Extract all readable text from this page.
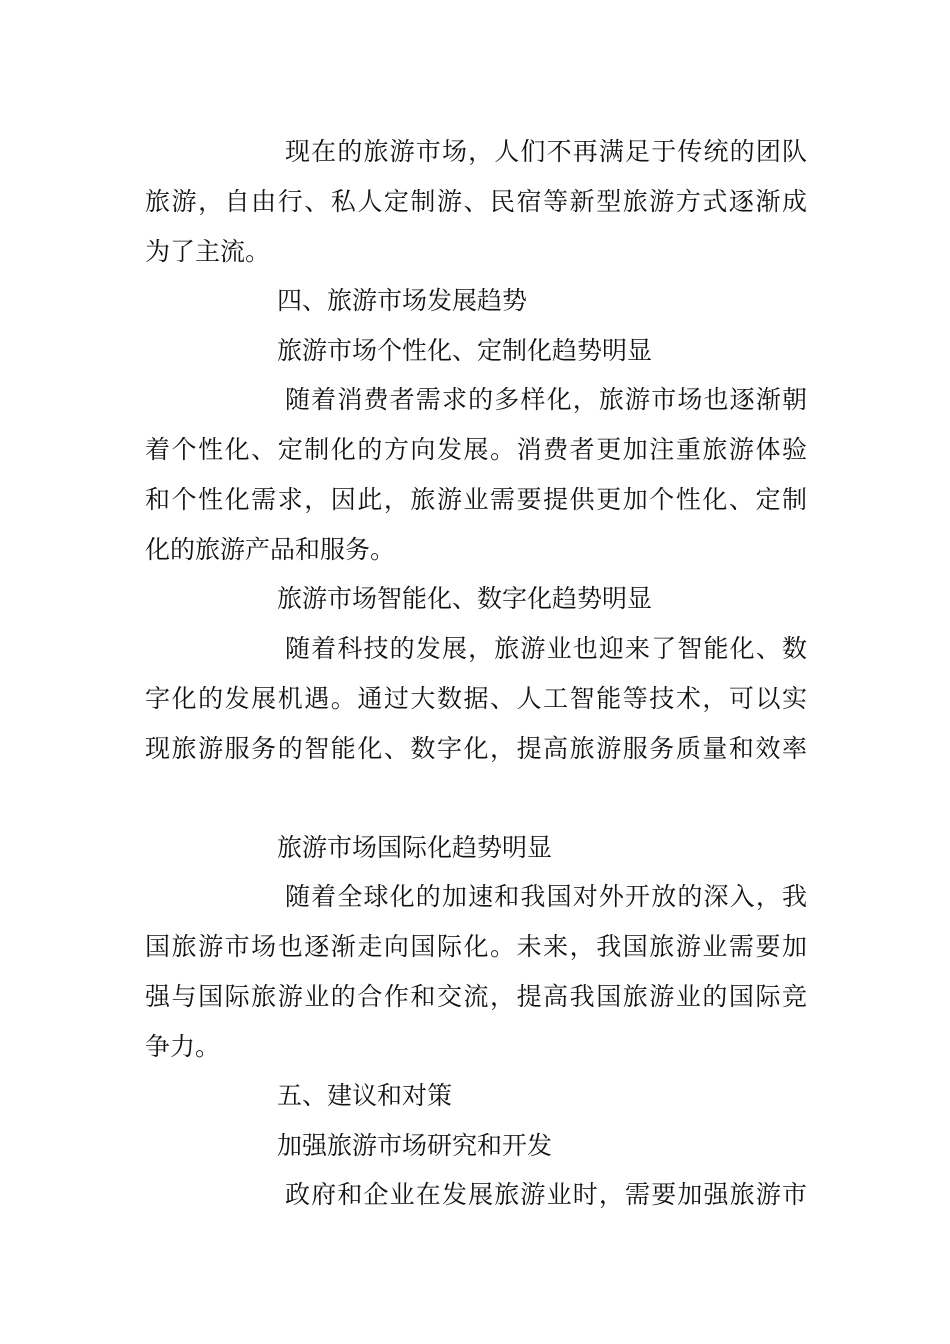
现在的旅游市场，人们不再满足于传统的团队
旅游，自由行、私人定制游、民宿等新型旅游方式逐渐成
为了主流。
四、旅游市场发展趋势
旅游市场个性化、定制化趋势明显
随着消费者需求的多样化，旅游市场也逐渐朝
着个性化、定制化的方向发展。消费者更加注重旅游体验
和个性化需求，因此，旅游业需要提供更加个性化、定制
化的旅游产品和服务。
旅游市场智能化、数字化趋势明显
随着科技的发展，旅游业也迎来了智能化、数
字化的发展机遇。通过大数据、人工智能等技术，可以实
现旅游服务的智能化、数字化，提高旅游服务质量和效率
旅游市场国际化趋势明显
随着全球化的加速和我国对外开放的深入，我
国旅游市场也逐渐走向国际化。未来，我国旅游业需要加
强与国际旅游业的合作和交流，提高我国旅游业的国际竞
争力。
五、建议和对策
加强旅游市场研究和开发
政府和企业在发展旅游业时，需要加强旅游市
